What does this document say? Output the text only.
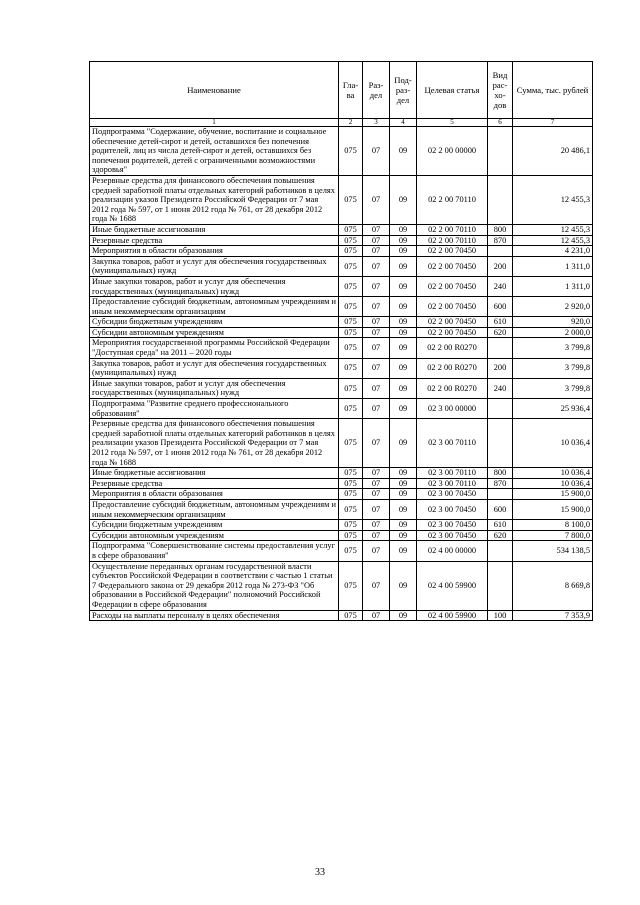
Наименование	Гла-ва	Раз-дел	Под-раз-дел	Целевая статья	Вид рас-хо-дов	Сумма, тыс. рублей
1	2	3	4	5	6	7
Подпрограмма "Содержание, обучение, воспитание и социальное обеспечение детей-сирот и детей, оставшихся без попечения родителей, лиц из числа детей-сирот и детей, оставшихся без попечения родителей, детей с ограниченными возможностями здоровья"	075	07	09	02 2 00 00000		20 486,1
Резервные средства для финансового обеспечения повышения средней заработной платы отдельных категорий работников в целях реализации указов Президента Российской Федерации от 7 мая 2012 года № 597, от 1 июня 2012 года № 761, от 28 декабря 2012 года № 1688	075	07	09	02 2 00 70110		12 455,3
Иные бюджетные ассигнования	075	07	09	02 2 00 70110	800	12 455,3
Резервные средства	075	07	09	02 2 00 70110	870	12 455,3
Мероприятия в области образования	075	07	09	02 2 00 70450		4 231,0
Закупка товаров, работ и услуг для обеспечения государственных (муниципальных) нужд	075	07	09	02 2 00 70450	200	1 311,0
Иные закупки товаров, работ и услуг для обеспечения государственных (муниципальных) нужд	075	07	09	02 2 00 70450	240	1 311,0
Предоставление субсидий бюджетным, автономным учреждениям и иным некоммерческим организациям	075	07	09	02 2 00 70450	600	2 920,0
Субсидии бюджетным учреждениям	075	07	09	02 2 00 70450	610	920,0
Субсидии автономным учреждениям	075	07	09	02 2 00 70450	620	2 000,0
Мероприятия государственной программы Российской Федерации "Доступная среда" на 2011 – 2020 годы	075	07	09	02 2 00 R0270		3 799,8
Закупка товаров, работ и услуг для обеспечения государственных (муниципальных) нужд	075	07	09	02 2 00 R0270	200	3 799,8
Иные закупки товаров, работ и услуг для обеспечения государственных (муниципальных) нужд	075	07	09	02 2 00 R0270	240	3 799,8
Подпрограмма "Развитие среднего профессионального образования"	075	07	09	02 3 00 00000		25 936,4
Резервные средства для финансового обеспечения повышения средней заработной платы отдельных категорий работников в целях реализации указов Президента Российской Федерации от 7 мая 2012 года № 597, от 1 июня 2012 года № 761, от 28 декабря 2012 года № 1688	075	07	09	02 3 00 70110		10 036,4
Иные бюджетные ассигнования	075	07	09	02 3 00 70110	800	10 036,4
Резервные средства	075	07	09	02 3 00 70110	870	10 036,4
Мероприятия в области образования	075	07	09	02 3 00 70450		15 900,0
Предоставление субсидий бюджетным, автономным учреждениям и иным некоммерческим организациям	075	07	09	02 3 00 70450	600	15 900,0
Субсидии бюджетным учреждениям	075	07	09	02 3 00 70450	610	8 100,0
Субсидии автономным учреждениям	075	07	09	02 3 00 70450	620	7 800,0
Подпрограмма "Совершенствование системы предоставления услуг в сфере образования"	075	07	09	02 4 00 00000		534 138,5
Осуществление переданных органам государственной власти субъектов Российской Федерации в соответствии с частью 1 статьи 7 Федерального закона от 29 декабря 2012 года № 273-ФЗ "Об образовании в Российской Федерации" полномочий Российской Федерации в сфере образования	075	07	09	02 4 00 59900		8 669,8
Расходы на выплаты персоналу в целях обеспечения	075	07	09	02 4 00 59900	100	7 353,9
33
